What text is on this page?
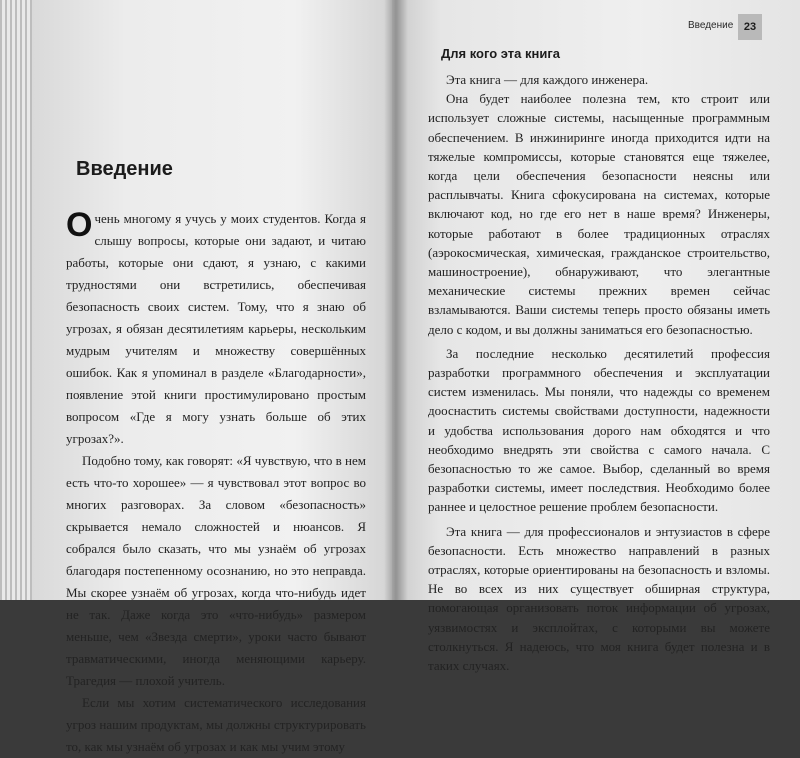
Введение

Очень многому я учусь у моих студентов. Когда я слышу вопросы, которые они задают, и читаю работы, которые они сдают, я узнаю, с какими трудностями они встретились, обеспечивая безопасность своих систем. Тому, что я знаю об угрозах, я обязан десятилетиям карьеры, нескольким мудрым учителям и множеству совершённых ошибок. Как я упоминал в разделе «Благодарности», появление этой книги простимулировано простым вопросом «Где я могу узнать больше об этих угрозах?».

Подобно тому, как говорят: «Я чувствую, что в нем есть что-то хорошее» — я чувствовал этот вопрос во многих разговорах. За словом «безопасность» скрывается немало сложностей и нюансов. Я собрался было сказать, что мы узнаём об угрозах благодаря постепенному осознанию, но это неправда. Мы скорее узнаём об угрозах, когда что-нибудь идет не так. Даже когда это «что-нибудь» размером меньше, чем «Звезда смерти», уроки часто бывают травматическими, иногда меняющими карьеру. Трагедия — плохой учитель.

Если мы хотим систематического исследования угроз нашим продуктам, мы должны структурировать то, как мы узнаём об угрозах и как мы учим этому

Введение 23
Для кого эта книга

Эта книга — для каждого инженера.

Она будет наиболее полезна тем, кто строит или использует сложные системы, насыщенные программным обеспечением. В инжиниринге иногда приходится идти на тяжелые компромиссы, которые становятся еще тяжелее, когда цели обеспечения безопасности неясны или расплывчаты. Книга сфокусирована на системах, которые включают код, но где его нет в наше время? Инженеры, которые работают в более традиционных отраслях (аэрокосмическая, химическая, гражданское строительство, машиностроение), обнаруживают, что элегантные механические системы прежних времен сейчас взламываются. Ваши системы теперь просто обязаны иметь дело с кодом, и вы должны заниматься его безопасностью.

За последние несколько десятилетий профессия разработки программного обеспечения и эксплуатации систем изменилась. Мы поняли, что надежды со временем дооснастить системы свойствами доступности, надежности и удобства использования дорого нам обходятся и что необходимо внедрять эти свойства с самого начала. С безопасностью то же самое. Выбор, сделанный во время разработки системы, имеет последствия. Необходимо более раннее и целостное решение проблем безопасности.

Эта книга — для профессионалов и энтузиастов в сфере безопасности. Есть множество направлений в разных отраслях, которые ориентированы на безопасность и взломы. Не во всех из них существует обширная структура, помогающая организовать поток информации об угрозах, уязвимостях и эксплойтах, с которыми вы можете столкнуться. Я надеюсь, что моя книга будет полезна и в таких случаях.
